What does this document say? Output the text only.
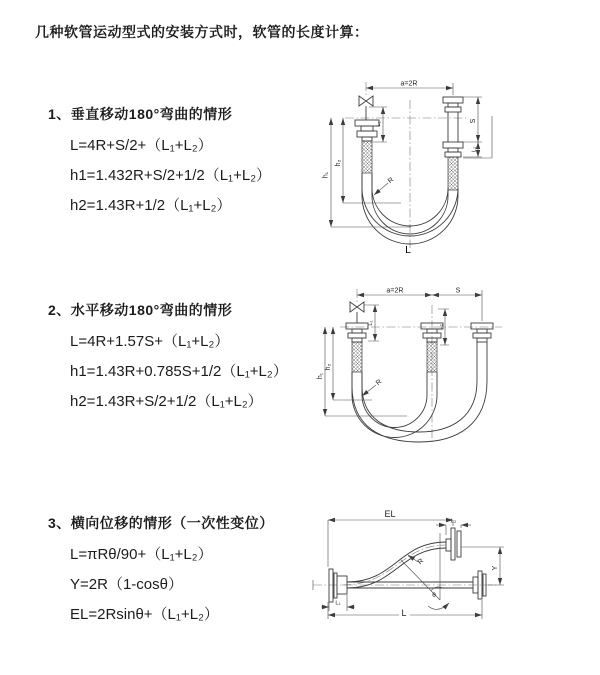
几种软管运动型式的安装方式时，软管的长度计算：
1、垂直移动180°弯曲的情形
L=4R+S/2+（L₁+L₂）
h1=1.432R+S/2+1/2（L₁+L₂）
h2=1.43R+1/2（L₁+L₂）
2、水平移动180°弯曲的情形
L=4R+1.57S+（L₁+L₂）
h1=1.43R+0.785S+1/2（L₁+L₂）
h2=1.43R+S/2+1/2（L₁+L₂）
3、横向位移的情形（一次性变位）
L=πRθ/90+（L₁+L₂）
Y=2R（1-cosθ）
EL=2Rsinθ+（L₁+L₂）
a=2R
h₁
h₂
L₁
S
L₂
R
L
a=2R	S
h₁
h₂
L₁
L₂
R
EL
L₂
Y
R
θ
L₁
L
